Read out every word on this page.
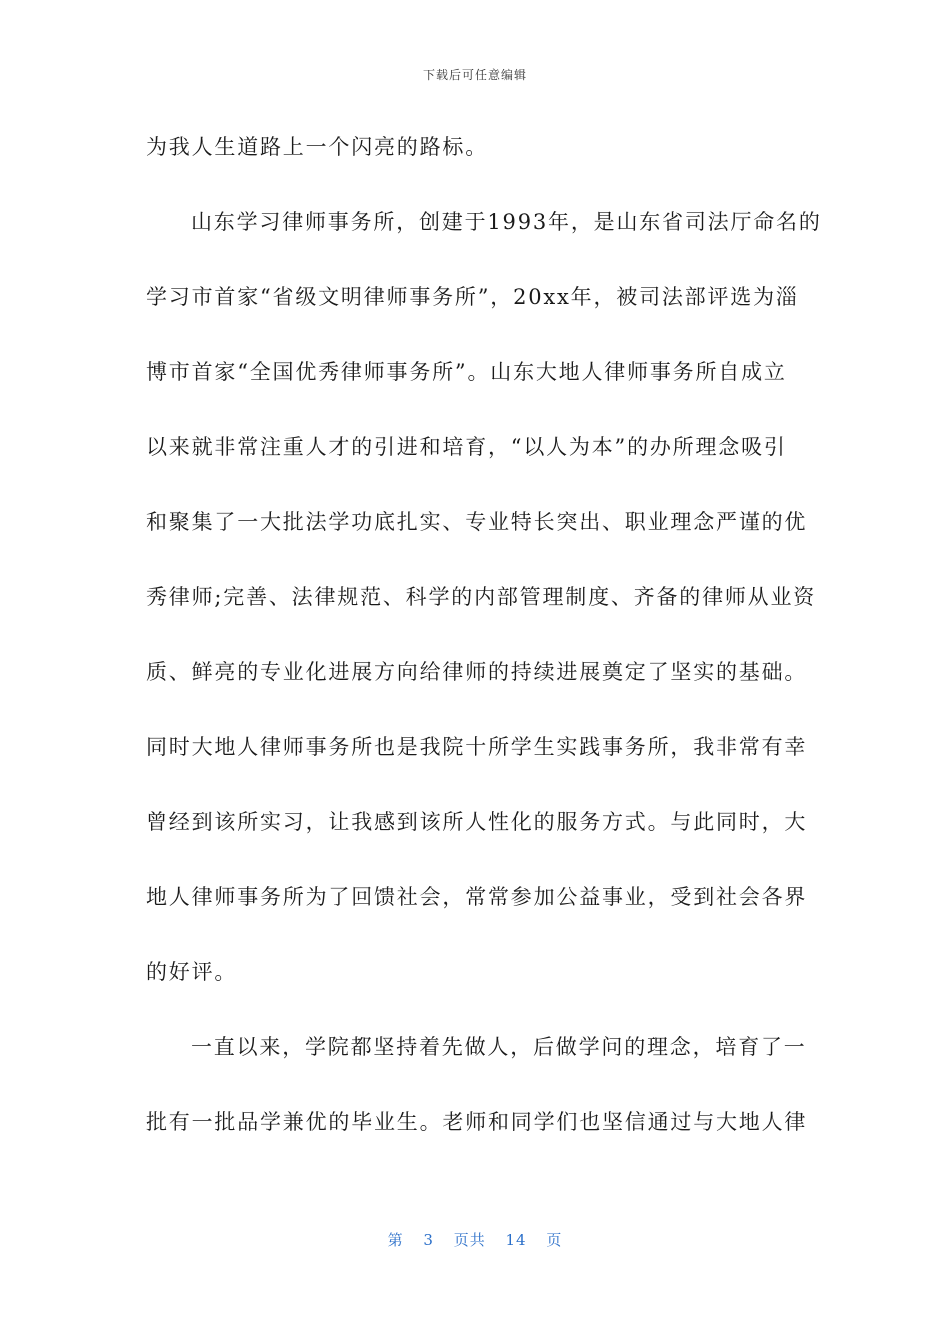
下载后可任意编辑
为我人生道路上一个闪亮的路标。
山东学习律师事务所，创建于1993年，是山东省司法厅命名的
学习市首家“省级文明律师事务所”，20xx年，被司法部评选为淄
博市首家“全国优秀律师事务所”。山东大地人律师事务所自成立
以来就非常注重人才的引进和培育，“以人为本”的办所理念吸引
和聚集了一大批法学功底扎实、专业特长突出、职业理念严谨的优
秀律师;完善、法律规范、科学的内部管理制度、齐备的律师从业资
质、鲜亮的专业化进展方向给律师的持续进展奠定了坚实的基础。
同时大地人律师事务所也是我院十所学生实践事务所，我非常有幸
曾经到该所实习，让我感到该所人性化的服务方式。与此同时，大
地人律师事务所为了回馈社会，常常参加公益事业，受到社会各界
的好评。
一直以来，学院都坚持着先做人，后做学问的理念，培育了一
批有一批品学兼优的毕业生。老师和同学们也坚信通过与大地人律
第 3 页共 14 页
